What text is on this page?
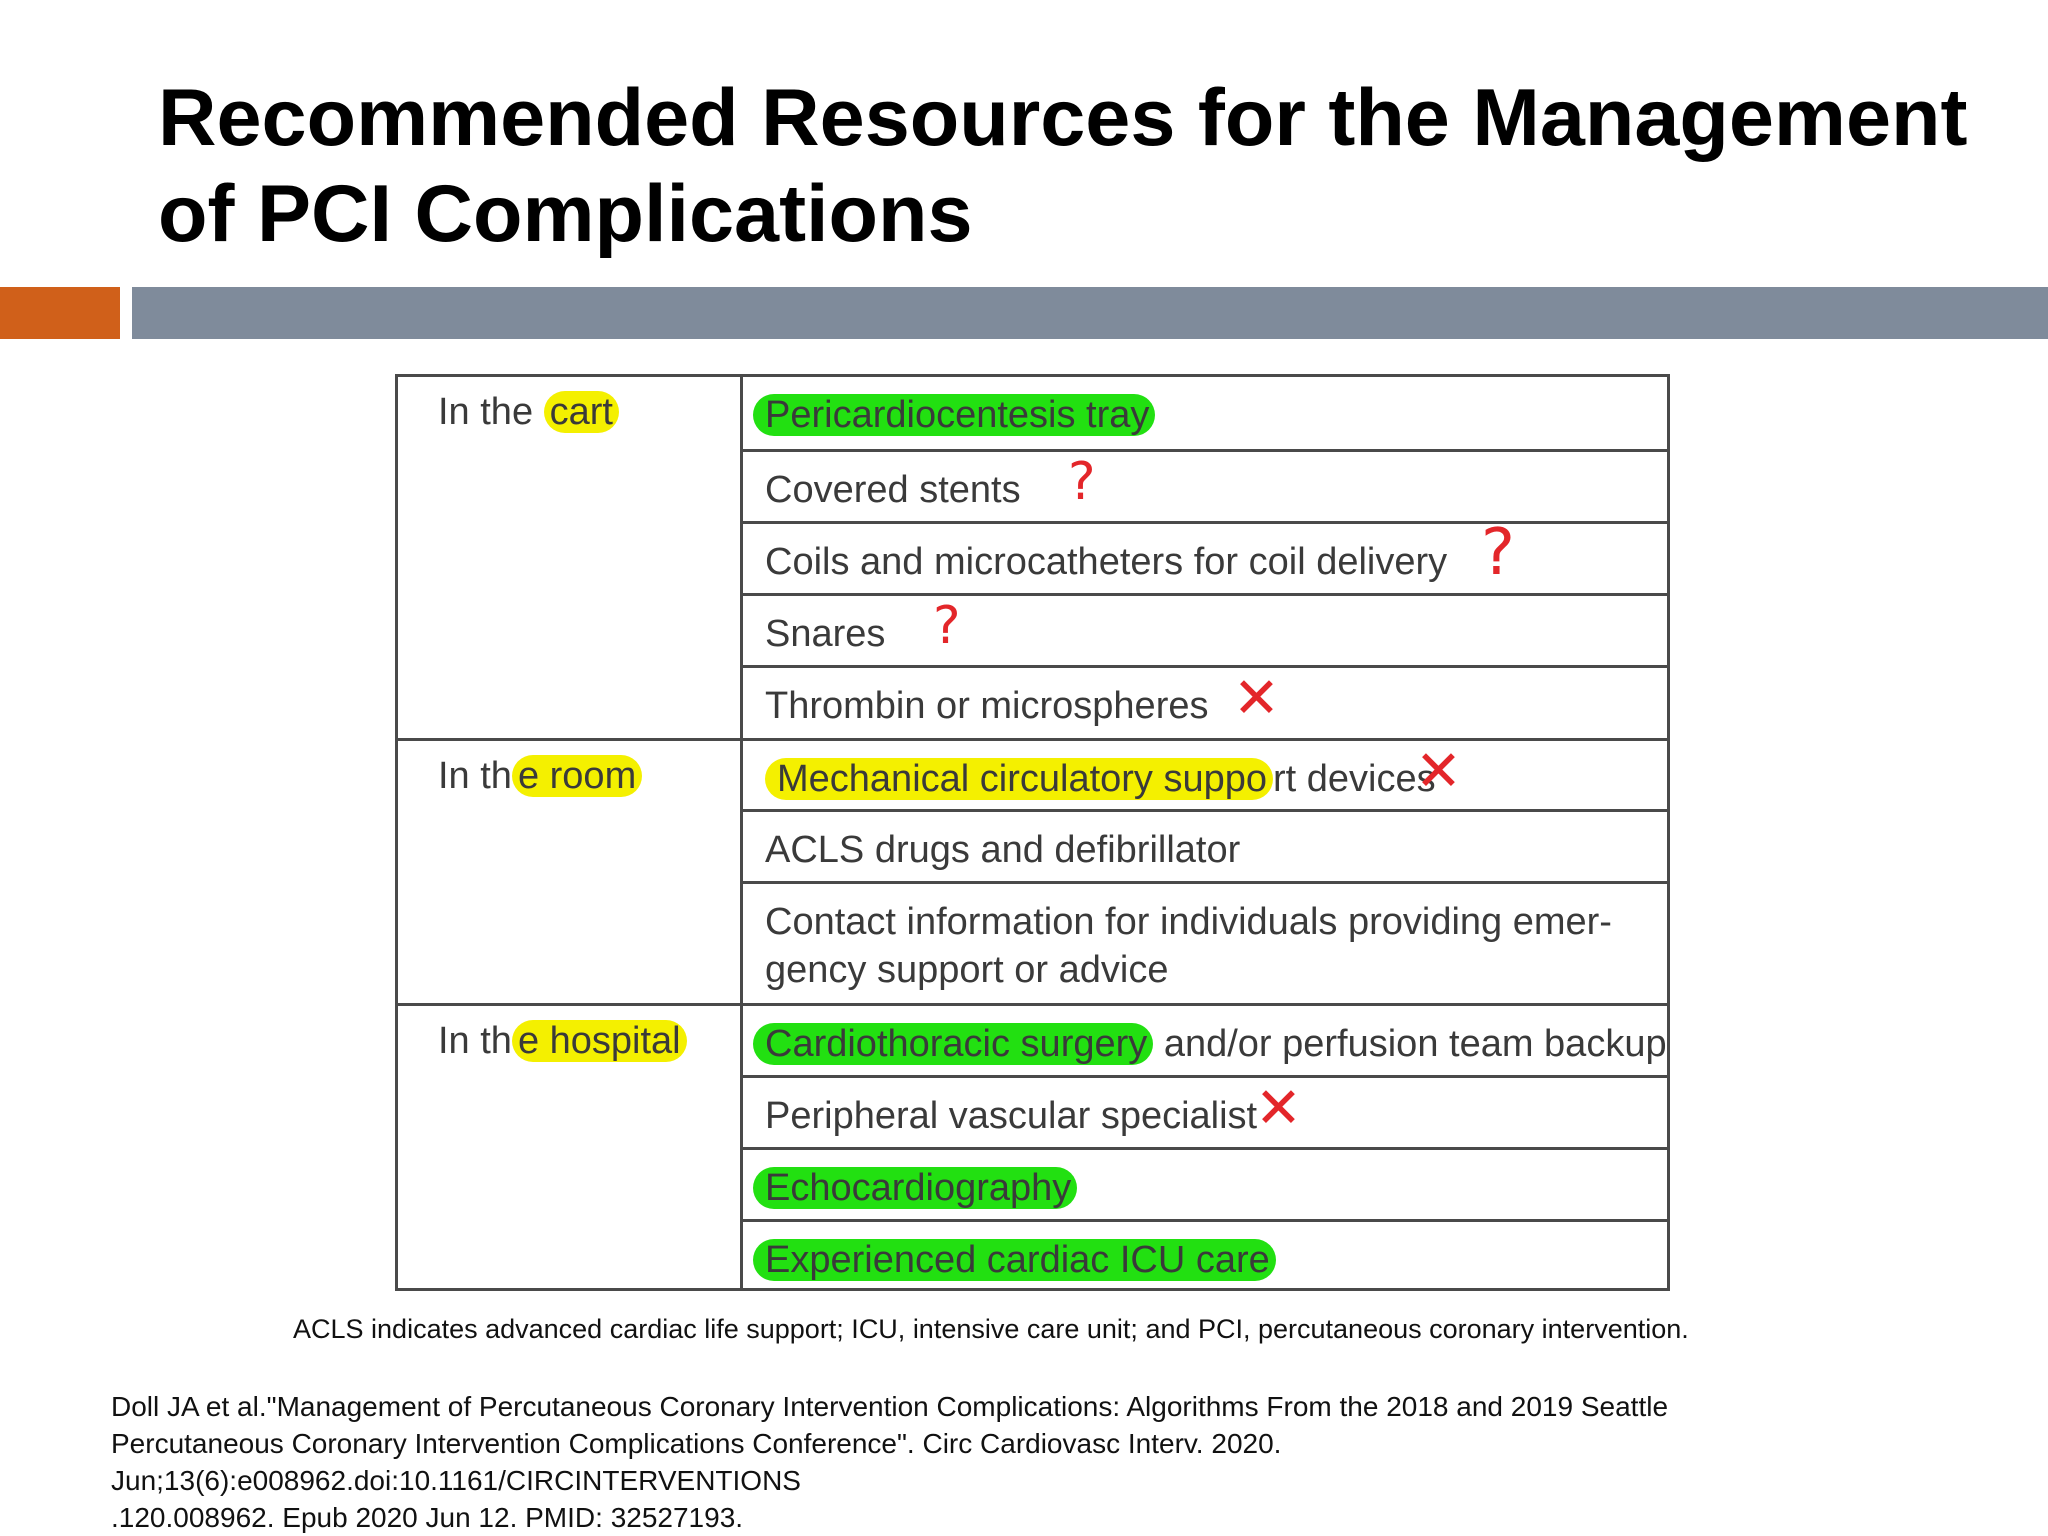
Recommended Resources for the Management of PCI Complications
In the cart	Pericardiocentesis tray
Covered stents ?
Coils and microcatheters for coil delivery ?
Snares ?
Thrombin or microspheres ✕
In th e room	Mechanical circulatory suppo rt devices
✕
ACLS drugs and defibrillator
Contact information for individuals providing emer- gency support or advice
In th e hospital	Cardiothoracic surgery and/or perfusion team backup
Peripheral vascular specialist
✕
Echocardiography
Experienced cardiac ICU care
ACLS indicates advanced cardiac life support; ICU, intensive care unit; and PCI, percutaneous coronary intervention.
Doll JA et al."Management of Percutaneous Coronary Intervention Complications: Algorithms From the 2018 and 2019 Seattle
Percutaneous Coronary Intervention Complications Conference". Circ Cardiovasc Interv. 2020.
Jun;13(6):e008962.doi:10.1161/CIRCINTERVENTIONS
.120.008962. Epub 2020 Jun 12. PMID: 32527193.
